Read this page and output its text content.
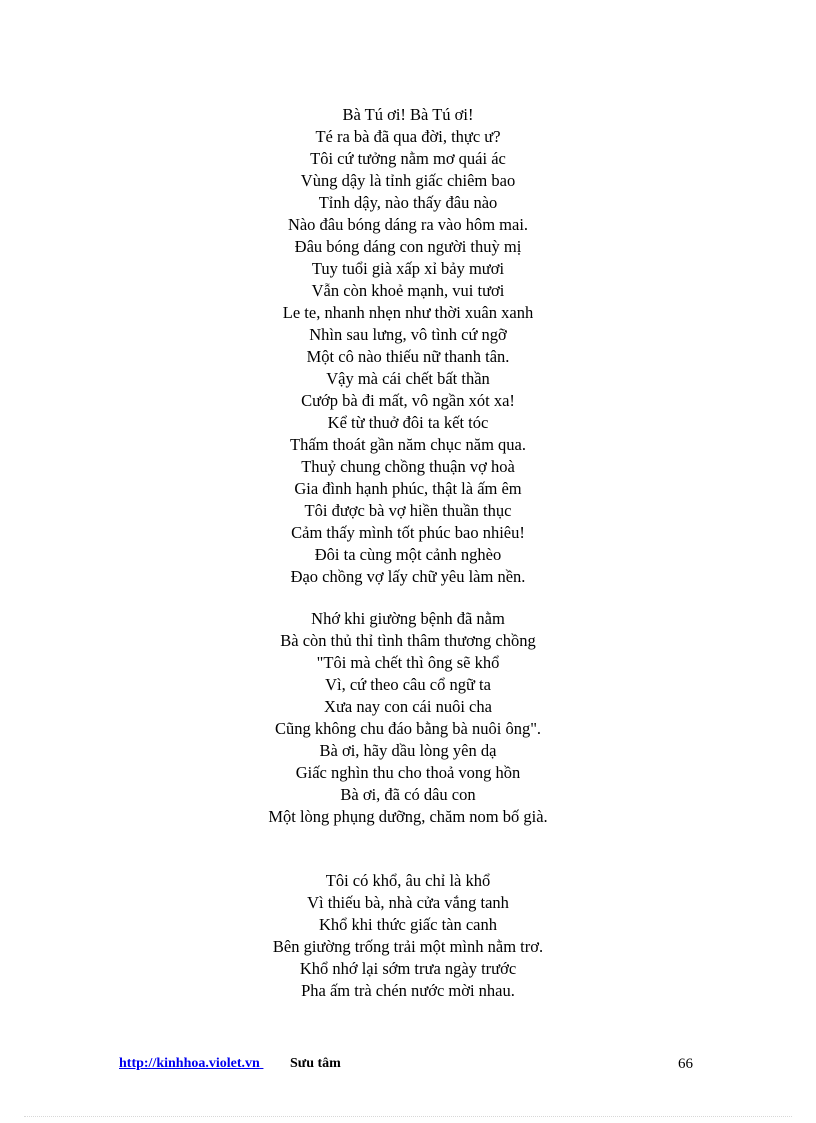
Bà Tú ơi! Bà Tú ơi!
Té ra bà đã qua đời, thực ư?
Tôi cứ tưởng nằm mơ quái ác
Vùng dậy là tỉnh giấc chiêm bao
Tỉnh dậy, nào thấy đâu nào
Nào đâu bóng dáng ra vào hôm mai.
Đâu bóng dáng con người thuỳ mị
Tuy tuổi già xấp xỉ bảy mươi
Vẫn còn khoẻ mạnh, vui tươi
Le te, nhanh nhẹn như thời xuân xanh
Nhìn sau lưng, vô tình cứ ngỡ
Một cô nào thiếu nữ thanh tân.
Vậy mà cái chết bất thần
Cướp bà đi mất, vô ngần xót xa!
Kể từ thuở đôi ta kết tóc
Thấm thoát gần năm chục năm qua.
Thuỷ chung chồng thuận vợ hoà
Gia đình hạnh phúc, thật là ấm êm
Tôi được bà vợ hiền thuần thục
Cảm thấy mình tốt phúc bao nhiêu!
Đôi ta cùng một cảnh nghèo
Đạo chồng vợ lấy chữ yêu làm nền.
Nhớ khi giường bệnh đã nằm
Bà còn thủ thỉ tình thâm thương chồng
"Tôi mà chết thì ông sẽ khổ
Vì, cứ theo câu cổ ngữ ta
Xưa nay con cái nuôi cha
Cũng không chu đáo bằng bà nuôi ông".
Bà ơi, hãy dầu lòng yên dạ
Giấc nghìn thu cho thoả vong hồn
Bà ơi, đã có dâu con
Một lòng phụng dưỡng, chăm nom bố già.
Tôi có khổ, âu chỉ là khổ
Vì thiếu bà, nhà cửa vắng tanh
Khổ khi thức giấc tàn canh
Bên giường trống trải một mình nằm trơ.
Khổ nhớ lại sớm trưa ngày trước
Pha ấm trà chén nước mời nhau.
http://kinhhoa.violet.vn Sưu tâm	66
